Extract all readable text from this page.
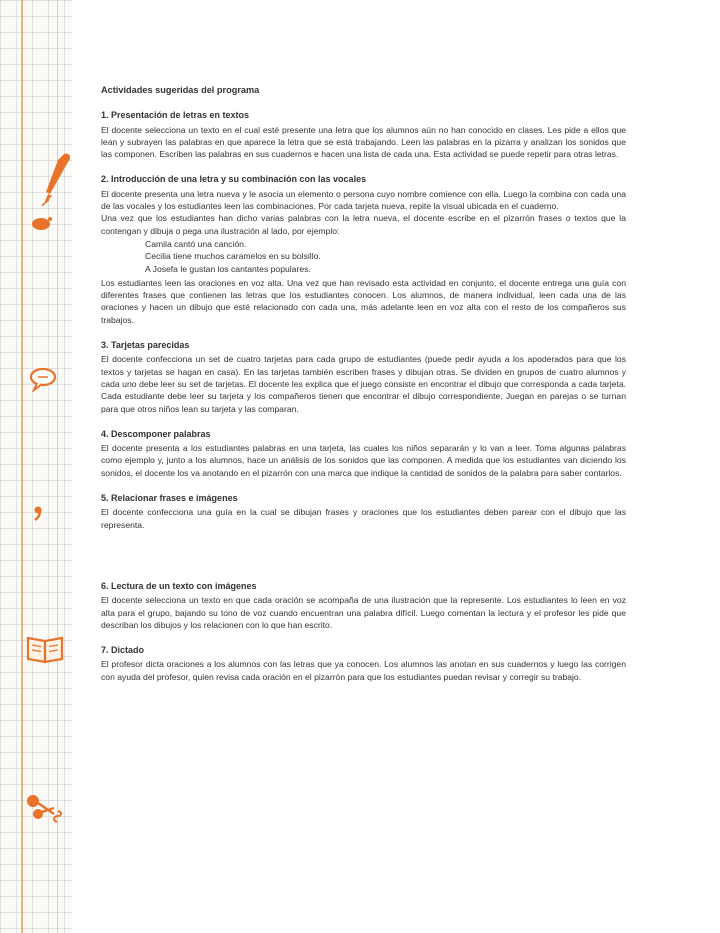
Actividades sugeridas del programa
1. Presentación de letras en textos

El docente selecciona un texto en el cual esté presente una letra que los alumnos aún no han conocido en clases. Les pide a ellos que lean y subrayen las palabras en que aparece la letra que se está trabajando. Leen las palabras en la pizarra y analizan los sonidos que las componen. Escriben las palabras en sus cuadernos e hacen una lista de cada una. Esta actividad se puede repetir para otras letras.

2. Introducción de una letra y su combinación con las vocales

El docente presenta una letra nueva y le asocia un elemento o persona cuyo nombre comience con ella. Luego la combina con cada una de las vocales y los estudiantes leen las combinaciones. Por cada tarjeta nueva, repite la visual ubicada en el cuaderno.

Una vez que los estudiantes han dicho varias palabras con la letra nueva, el docente escribe en el pizarrón frases o textos que la contengan y dibuja o pega una ilustración al lado, por ejemplo:

Camila cantó una canción.
Cecilia tiene muchos caramelos en su bolsillo.
A Josefa le gustan los cantantes populares.

Los estudiantes leen las oraciones en voz alta. Una vez que han revisado esta actividad en conjunto, el docente entrega una guía con diferentes frases que contienen las letras que los estudiantes conocen. Los alumnos, de manera individual, leen cada una de las oraciones y hacen un dibujo que esté relacionado con cada una, más adelante leen en voz alta con el resto de los compañeros sus trabajos.

3. Tarjetas parecidas

El docente confecciona un set de cuatro tarjetas para cada grupo de estudiantes (puede pedir ayuda a los apoderados para que los textos y tarjetas se hagan en casa). En las tarjetas también escriben frases y dibujan otras. Se dividen en grupos de cuatro alumnos y cada uno debe leer su set de tarjetas. El docente les explica que el juego consiste en encontrar el dibujo que corresponda a cada tarjeta. Cada estudiante debe leer su tarjeta y los compañeros tienen que encontrar el dibujo correspondiente. Juegan en parejas o se turnan para que otros niños lean su tarjeta y las comparan.

4. Descomponer palabras

El docente presenta a los estudiantes palabras en una tarjeta, las cuales los niños separarán y lo van a leer. Toma algunas palabras como ejemplo y, junto a los alumnos, hace un análisis de los sonidos que las componen. A medida que los estudiantes van diciendo los sonidos, el docente los va anotando en el pizarrón con una marca que indique la cantidad de sonidos de la palabra para saber contarlos.

5. Relacionar frases e imágenes

El docente confecciona una guía en la cual se dibujan frases y oraciones que los estudiantes deben parear con el dibujo que las representa.

6. Lectura de un texto con imágenes

El docente selecciona un texto en que cada oración se acompaña de una ilustración que la represente. Los estudiantes lo leen en voz alta para el grupo, bajando su tono de voz cuando encuentran una palabra difícil. Luego comentan la lectura y el profesor les pide que describan los dibujos y los relacionen con lo que han escrito.

7. Dictado

El profesor dicta oraciones a los alumnos con las letras que ya conocen. Los alumnos las anotan en sus cuadernos y luego las corrigen con ayuda del profesor, quien revisa cada oración en el pizarrón para que los estudiantes puedan revisar y corregir su trabajo.
